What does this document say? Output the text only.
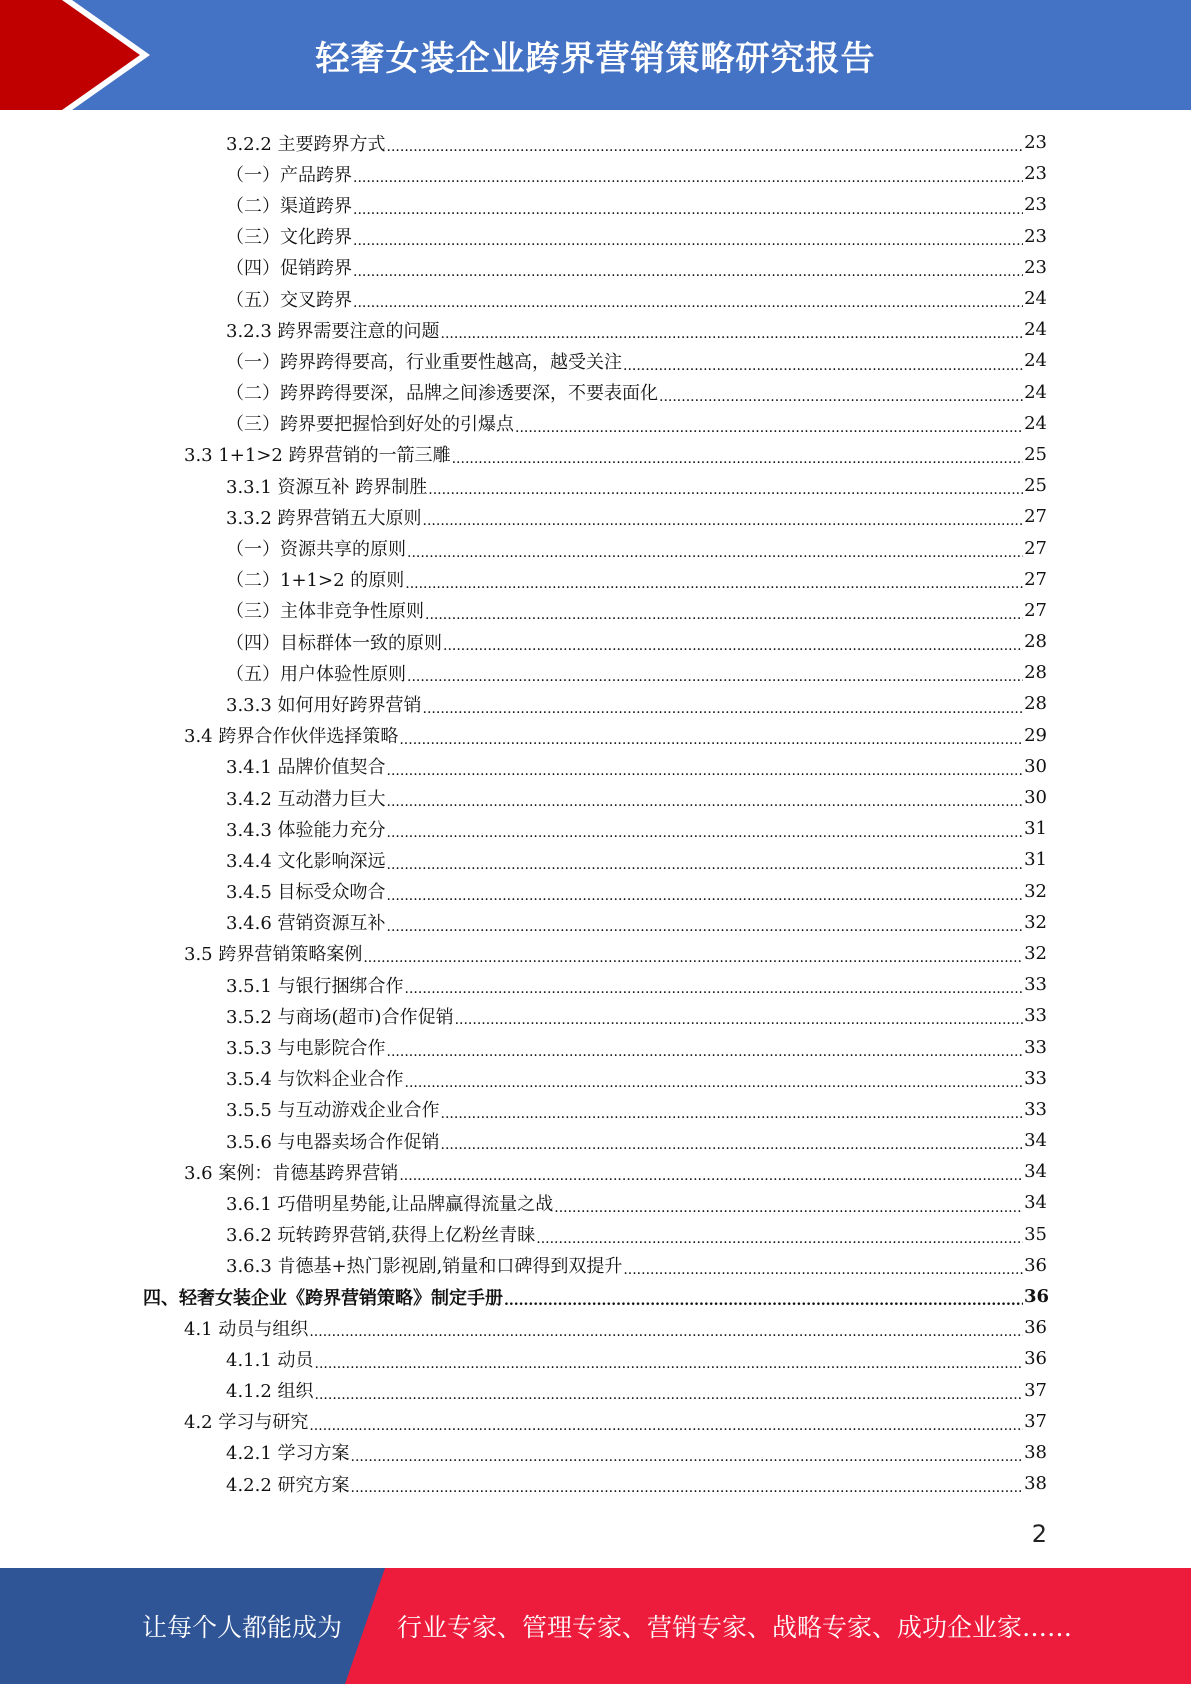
轻奢女装企业跨界营销策略研究报告
3.2.2 主要跨界方式 .....	23
（一）产品跨界 .....	23
（二）渠道跨界 .....	23
（三）文化跨界 .....	23
（四）促销跨界 .....	23
（五）交叉跨界 .....	24
3.2.3 跨界需要注意的问题 .....	24
（一）跨界跨得要高，行业重要性越高，越受关注 .....	24
（二）跨界跨得要深，品牌之间渗透要深，不要表面化 .....	24
（三）跨界要把握恰到好处的引爆点 .....	24
3.3 1+1>2 跨界营销的一箭三雕 .....	25
3.3.1 资源互补 跨界制胜 .....	25
3.3.2 跨界营销五大原则 .....	27
（一）资源共享的原则 .....	27
（二）1+1>2 的原则 .....	27
（三）主体非竞争性原则 .....	27
（四）目标群体一致的原则 .....	28
（五）用户体验性原则 .....	28
3.3.3 如何用好跨界营销 .....	28
3.4 跨界合作伙伴选择策略 .....	29
3.4.1 品牌价值契合 .....	30
3.4.2 互动潜力巨大 .....	30
3.4.3 体验能力充分 .....	31
3.4.4 文化影响深远 .....	31
3.4.5 目标受众吻合 .....	32
3.4.6 营销资源互补 .....	32
3.5 跨界营销策略案例 .....	32
3.5.1 与银行捆绑合作 .....	33
3.5.2 与商场(超市)合作促销 .....	33
3.5.3 与电影院合作 .....	33
3.5.4 与饮料企业合作 .....	33
3.5.5 与互动游戏企业合作 .....	33
3.5.6 与电器卖场合作促销 .....	34
3.6 案例：肯德基跨界营销 .....	34
3.6.1 巧借明星势能,让品牌赢得流量之战 .....	34
3.6.2 玩转跨界营销,获得上亿粉丝青睐 .....	35
3.6.3 肯德基+热门影视剧,销量和口碑得到双提升 .....	36
四、轻奢女装企业《跨界营销策略》制定手册 .....	36
4.1 动员与组织 .....	36
4.1.1 动员 .....	36
4.1.2 组织 .....	37
4.2 学习与研究 .....	37
4.2.1 学习方案 .....	38
4.2.2 研究方案 .....	38
2
让每个人都能成为 行业专家、管理专家、营销专家、战略专家、成功企业家……
